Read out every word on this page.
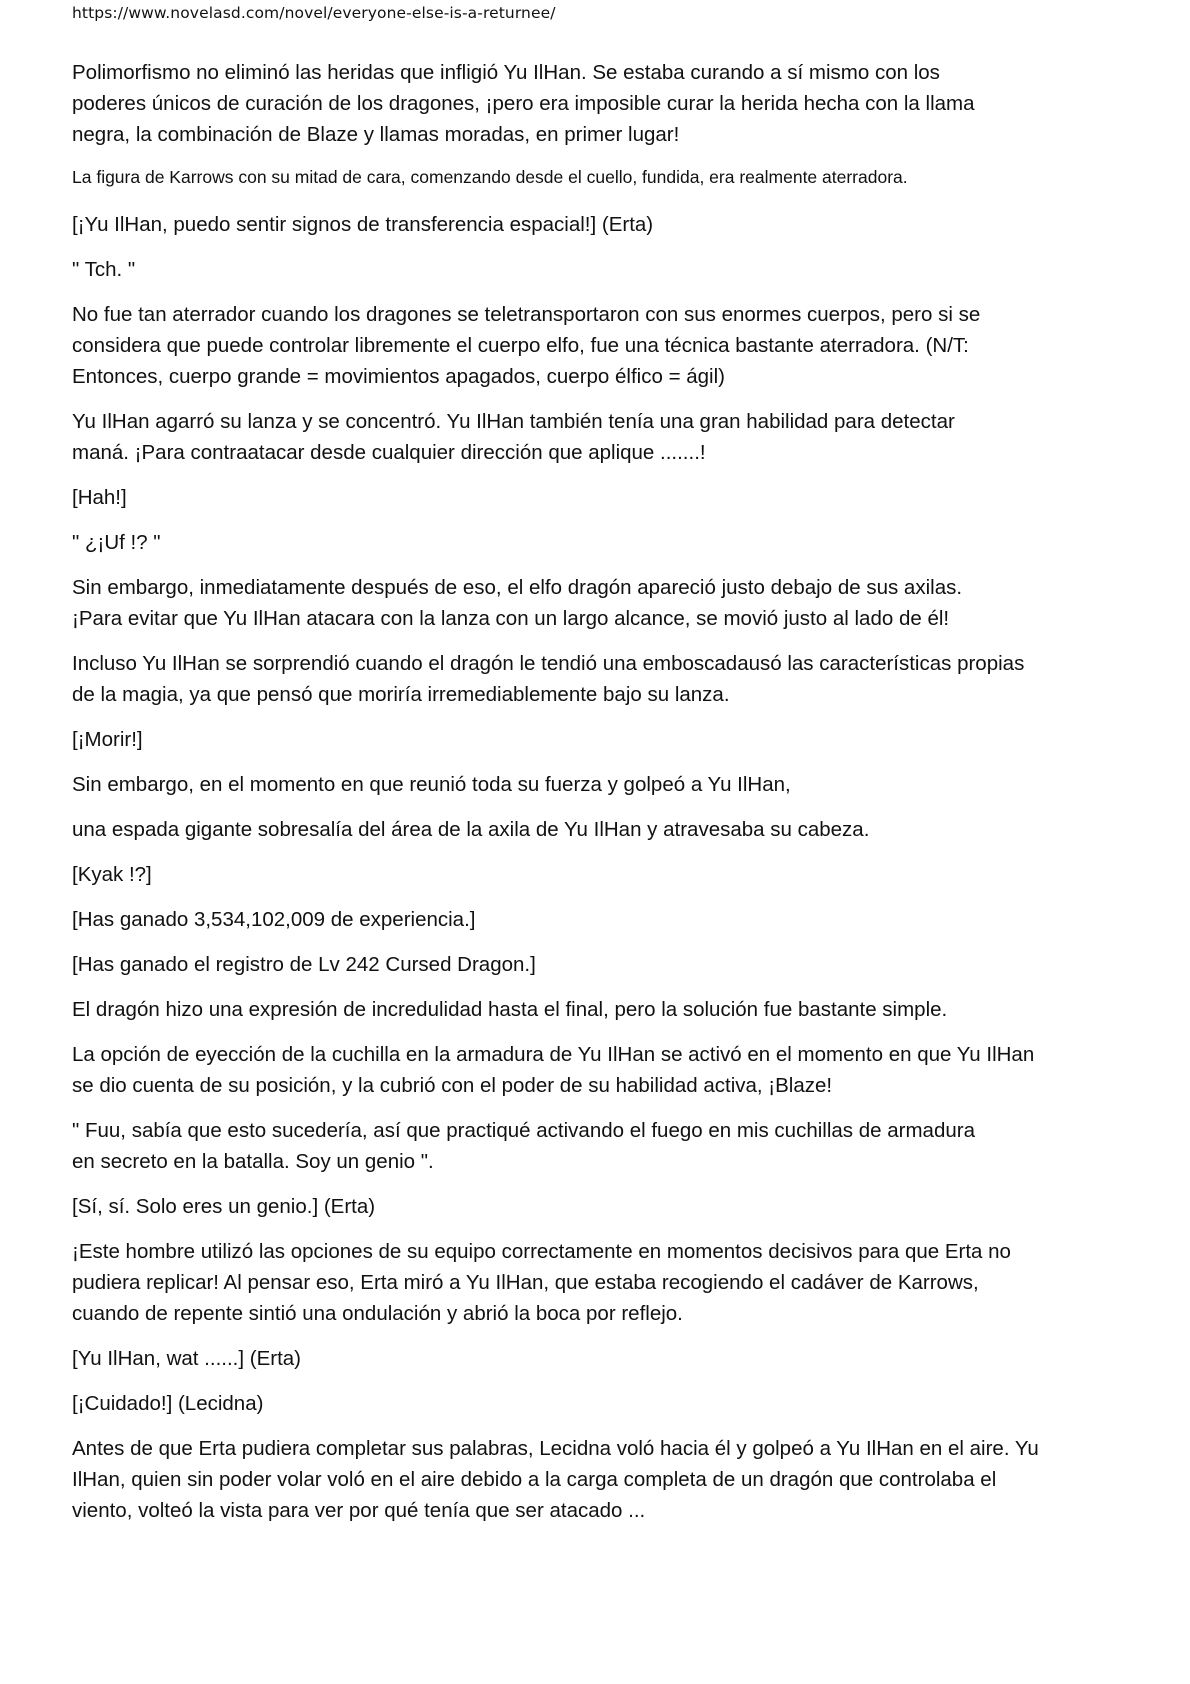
https://www.novelasd.com/novel/everyone-else-is-a-returnee/

Polimorfismo no eliminó las heridas que infligió Yu IlHan. Se estaba curando a sí mismo con los
poderes únicos de curación de los dragones, ¡pero era imposible curar la herida hecha con la llama
negra, la combinación de Blaze y llamas moradas, en primer lugar!

La figura de Karrows con su mitad de cara, comenzando desde el cuello, fundida, era realmente aterradora.

[¡Yu IlHan, puedo sentir signos de transferencia espacial!] (Erta)

" Tch. "

No fue tan aterrador cuando los dragones se teletransportaron con sus enormes cuerpos, pero si se
considera que puede controlar libremente el cuerpo elfo, fue una técnica bastante aterradora. (N/T:
Entonces, cuerpo grande = movimientos apagados, cuerpo élfico = ágil)

Yu IlHan agarró su lanza y se concentró. Yu IlHan también tenía una gran habilidad para detectar
maná. ¡Para contraatacar desde cualquier dirección que aplique .......!

[Hah!]

" ¿¡Uf !? "

Sin embargo, inmediatamente después de eso, el elfo dragón apareció justo debajo de sus axilas.
¡Para evitar que Yu IlHan atacara con la lanza con un largo alcance, se movió justo al lado de él!

Incluso Yu IlHan se sorprendió cuando el dragón le tendió una emboscadausó las características propias
de la magia, ya que pensó que moriría irremediablemente bajo su lanza.

[¡Morir!]

Sin embargo, en el momento en que reunió toda su fuerza y golpeó a Yu IlHan,

una espada gigante sobresalía del área de la axila de Yu IlHan y atravesaba su cabeza.

[Kyak !?]

[Has ganado 3,534,102,009 de experiencia.]

[Has ganado el registro de Lv 242 Cursed Dragon.]

El dragón hizo una expresión de incredulidad hasta el final, pero la solución fue bastante simple.

La opción de eyección de la cuchilla en la armadura de Yu IlHan se activó en el momento en que Yu IlHan
se dio cuenta de su posición, y la cubrió con el poder de su habilidad activa, ¡Blaze!

" Fuu, sabía que esto sucedería, así que practiqué activando el fuego en mis cuchillas de armadura
en secreto en la batalla. Soy un genio ".

[Sí, sí. Solo eres un genio.] (Erta)

¡Este hombre utilizó las opciones de su equipo correctamente en momentos decisivos para que Erta no
pudiera replicar! Al pensar eso, Erta miró a Yu IlHan, que estaba recogiendo el cadáver de Karrows,
cuando de repente sintió una ondulación y abrió la boca por reflejo.

[Yu IlHan, wat ......] (Erta)

[¡Cuidado!] (Lecidna)

Antes de que Erta pudiera completar sus palabras, Lecidna voló hacia él y golpeó a Yu IlHan en el aire. Yu
IlHan, quien sin poder volar voló en el aire debido a la carga completa de un dragón que controlaba el
viento, volteó la vista para ver por qué tenía que ser atacado ...
